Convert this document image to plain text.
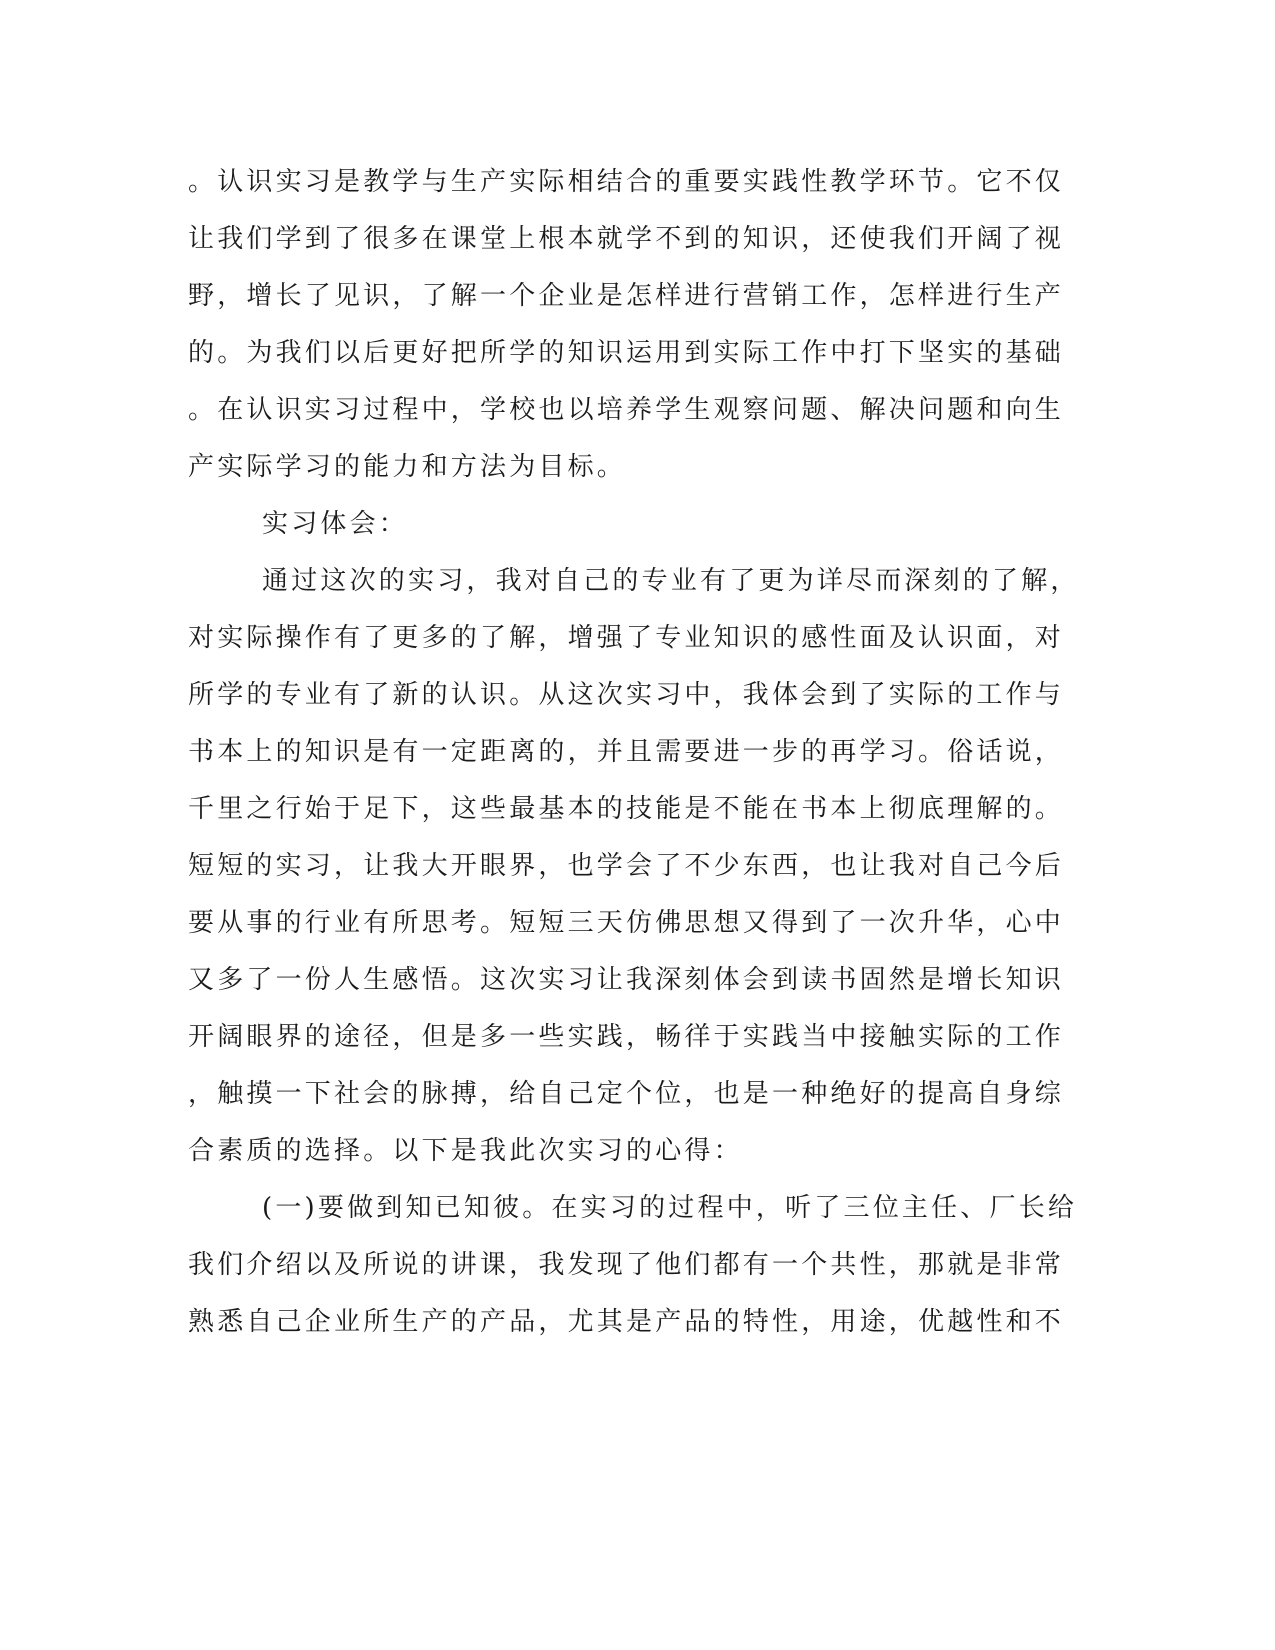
。认识实习是教学与生产实际相结合的重要实践性教学环节。它不仅
让我们学到了很多在课堂上根本就学不到的知识，还使我们开阔了视
野，增长了见识，了解一个企业是怎样进行营销工作，怎样进行生产
的。为我们以后更好把所学的知识运用到实际工作中打下坚实的基础
。在认识实习过程中，学校也以培养学生观察问题、解决问题和向生
产实际学习的能力和方法为目标。
实习体会：
通过这次的实习，我对自己的专业有了更为详尽而深刻的了解，
对实际操作有了更多的了解，增强了专业知识的感性面及认识面，对
所学的专业有了新的认识。从这次实习中，我体会到了实际的工作与
书本上的知识是有一定距离的，并且需要进一步的再学习。俗话说，
千里之行始于足下，这些最基本的技能是不能在书本上彻底理解的。
短短的实习，让我大开眼界，也学会了不少东西，也让我对自己今后
要从事的行业有所思考。短短三天仿佛思想又得到了一次升华，心中
又多了一份人生感悟。这次实习让我深刻体会到读书固然是增长知识
开阔眼界的途径，但是多一些实践，畅徉于实践当中接触实际的工作
，触摸一下社会的脉搏，给自己定个位，也是一种绝好的提高自身综
合素质的选择。以下是我此次实习的心得：
(一)要做到知已知彼。在实习的过程中，听了三位主任、厂长给
我们介绍以及所说的讲课，我发现了他们都有一个共性，那就是非常
熟悉自己企业所生产的产品，尤其是产品的特性，用途，优越性和不
